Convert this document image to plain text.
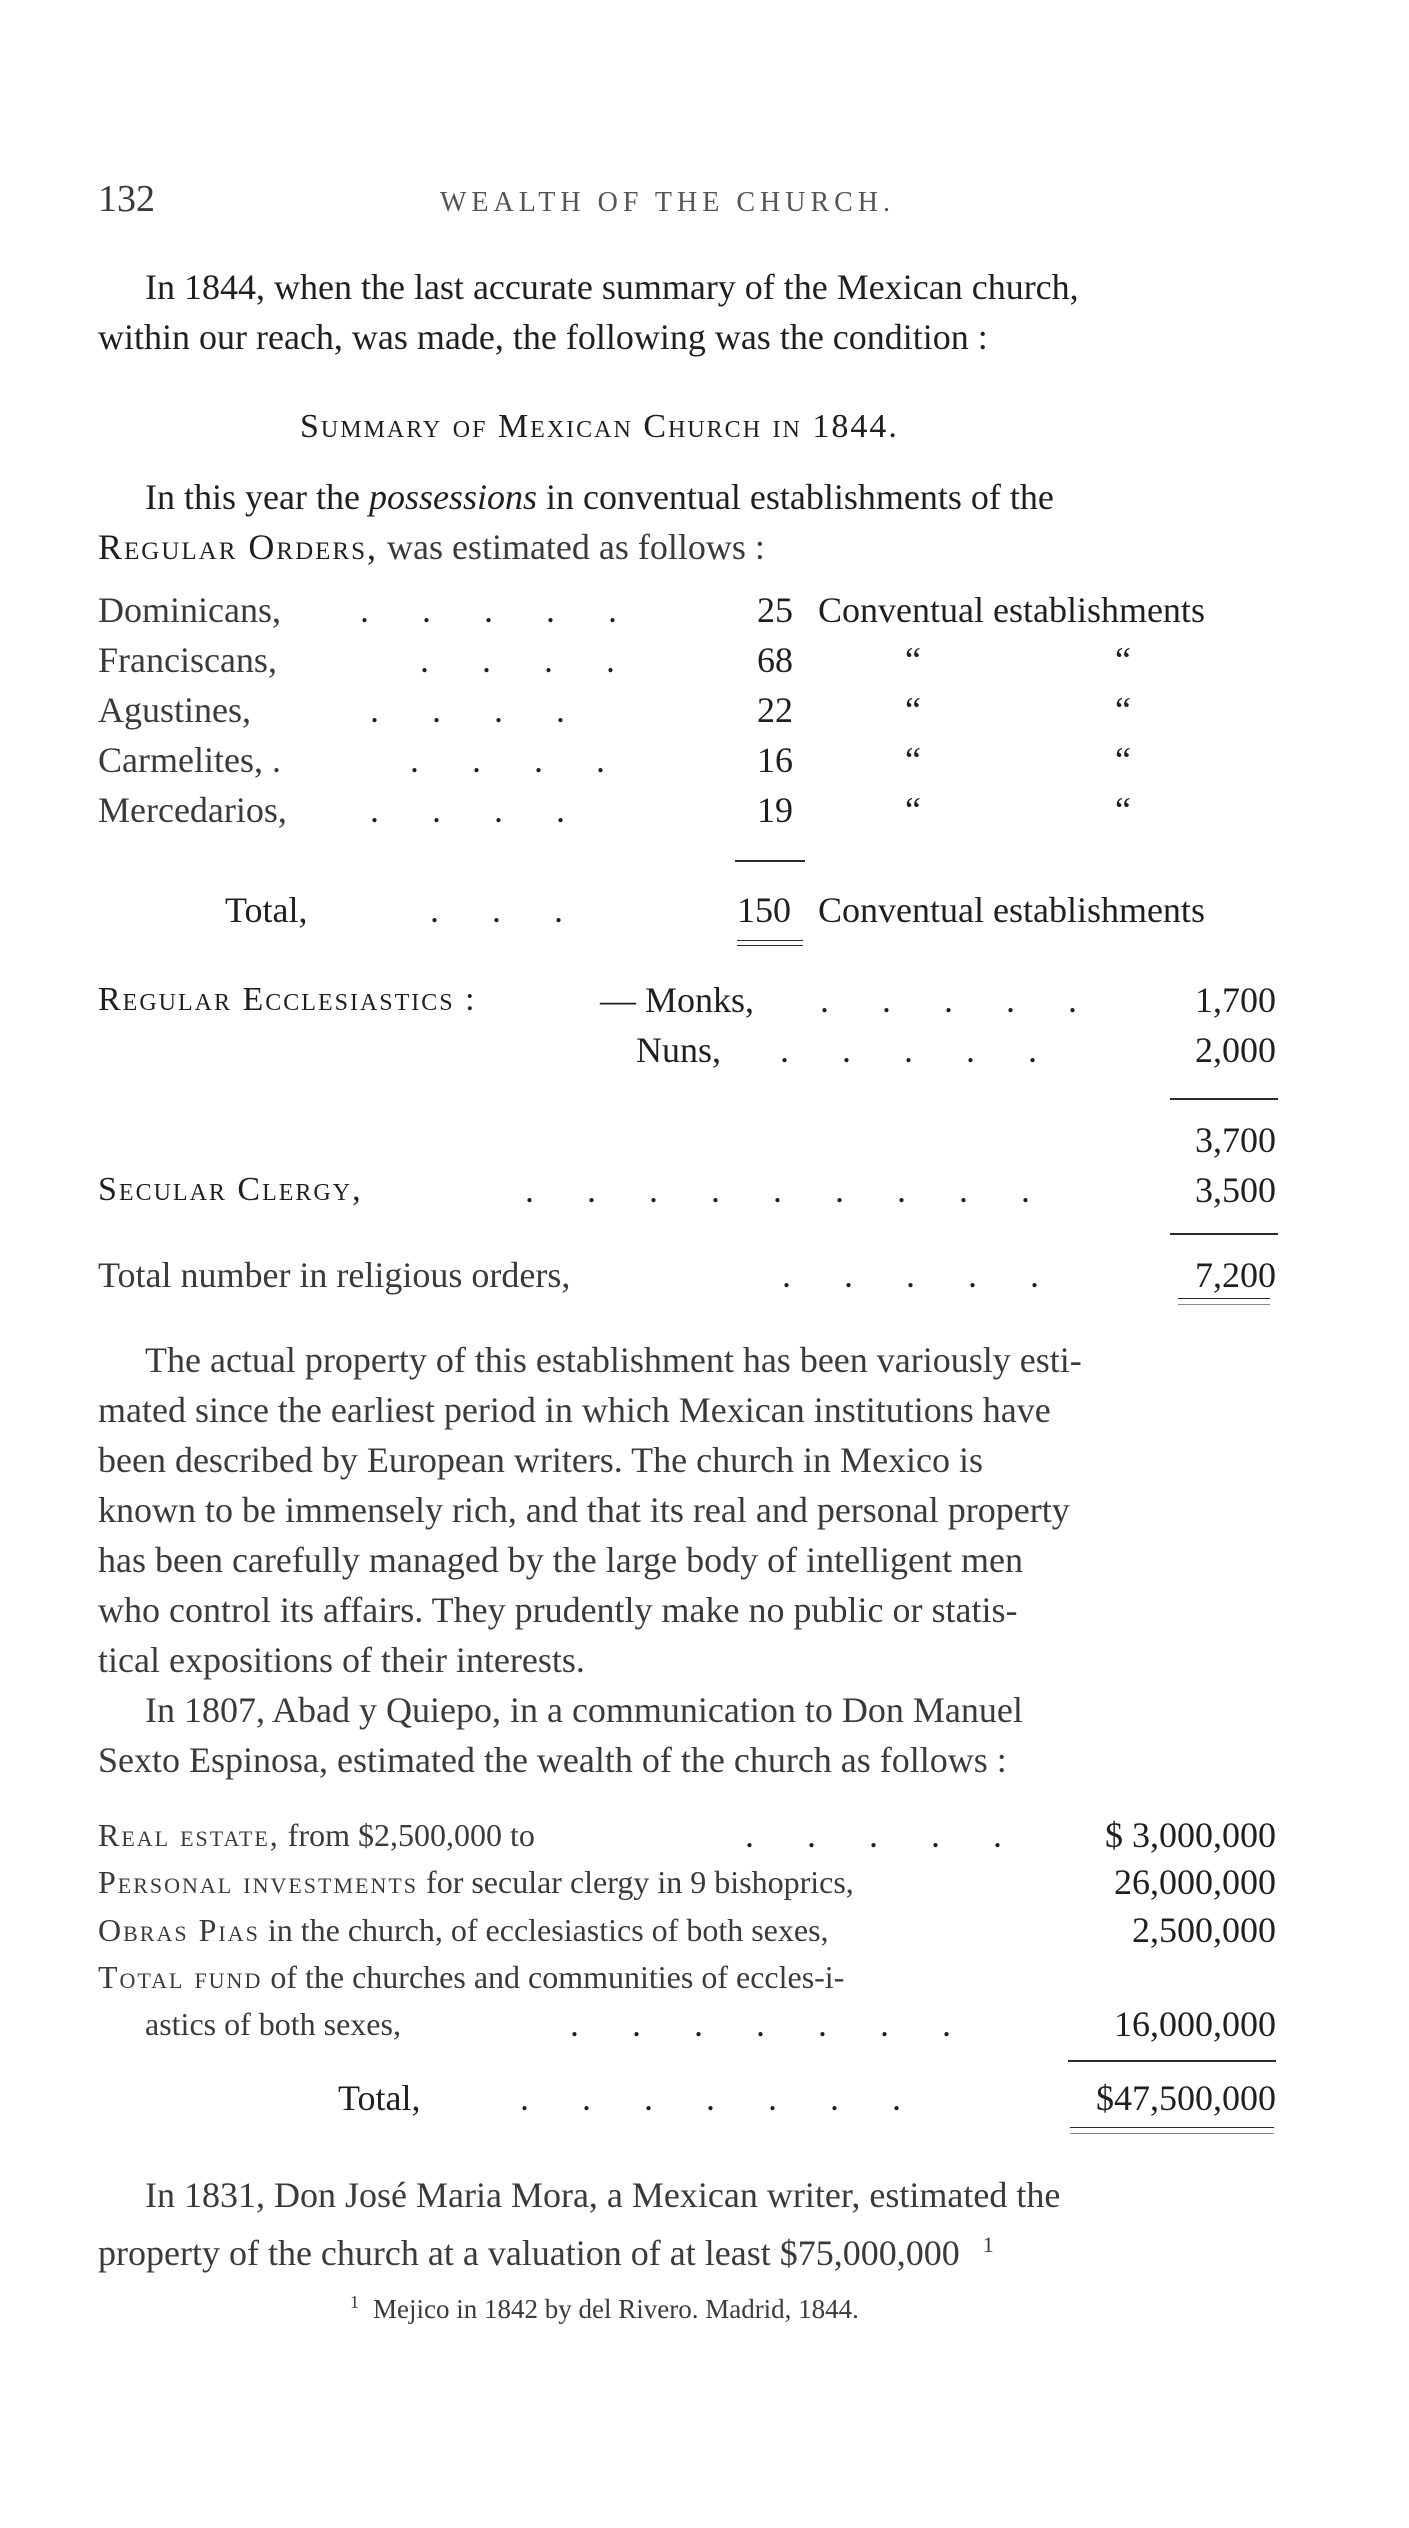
132	WEALTH OF THE CHURCH.
In 1844, when the last accurate summary of the Mexican church,
within our reach, was made, the following was the condition :
Summary of Mexican Church in 1844.
In this year the possessions in conventual establishments of the
Regular Orders, was estimated as follows :
Dominicans, . . . . .	25 Conventual establishments
Franciscans,	. . . .	68	“	“
Agustines,	. . . .	22	“	“
Carmelites, .	. . . .	16	“	“
Mercedarios, . . . .	19	“	“
Total,	. . .	150 Conventual establishments
Regular Ecclesiastics :	— Monks, . . . . .	1,700
Nuns, . . . . .	2,000
3,700
Secular Clergy,	. . . . . . . . .	3,500
Total number in religious orders,	. . . . .	7,200
The actual property of this establishment has been variously esti-
mated since the earliest period in which Mexican institutions have
been described by European writers. The church in Mexico is
known to be immensely rich, and that its real and personal property
has been carefully managed by the large body of intelligent men
who control its affairs. They prudently make no public or statis-
tical expositions of their interests.
In 1807, Abad y Quiepo, in a communication to Don Manuel
Sexto Espinosa, estimated the wealth of the church as follows :
Real estate, from $2,500,000 to	. . . . .	$ 3,000,000
Personal investments for secular clergy in 9 bishoprics,	26,000,000
Obras Pias in the church, of ecclesiastics of both sexes,	2,500,000
Total fund of the churches and communities of eccles-i-
astics of both sexes,	. . . . . . .	16,000,000
Total,	. . . . . . .	$47,500,000
In 1831, Don José Maria Mora, a Mexican writer, estimated the
property of the church at a valuation of at least $75,000,000 $^1$
$^1$ Mejico in 1842 by del Rivero. Madrid, 1844.
